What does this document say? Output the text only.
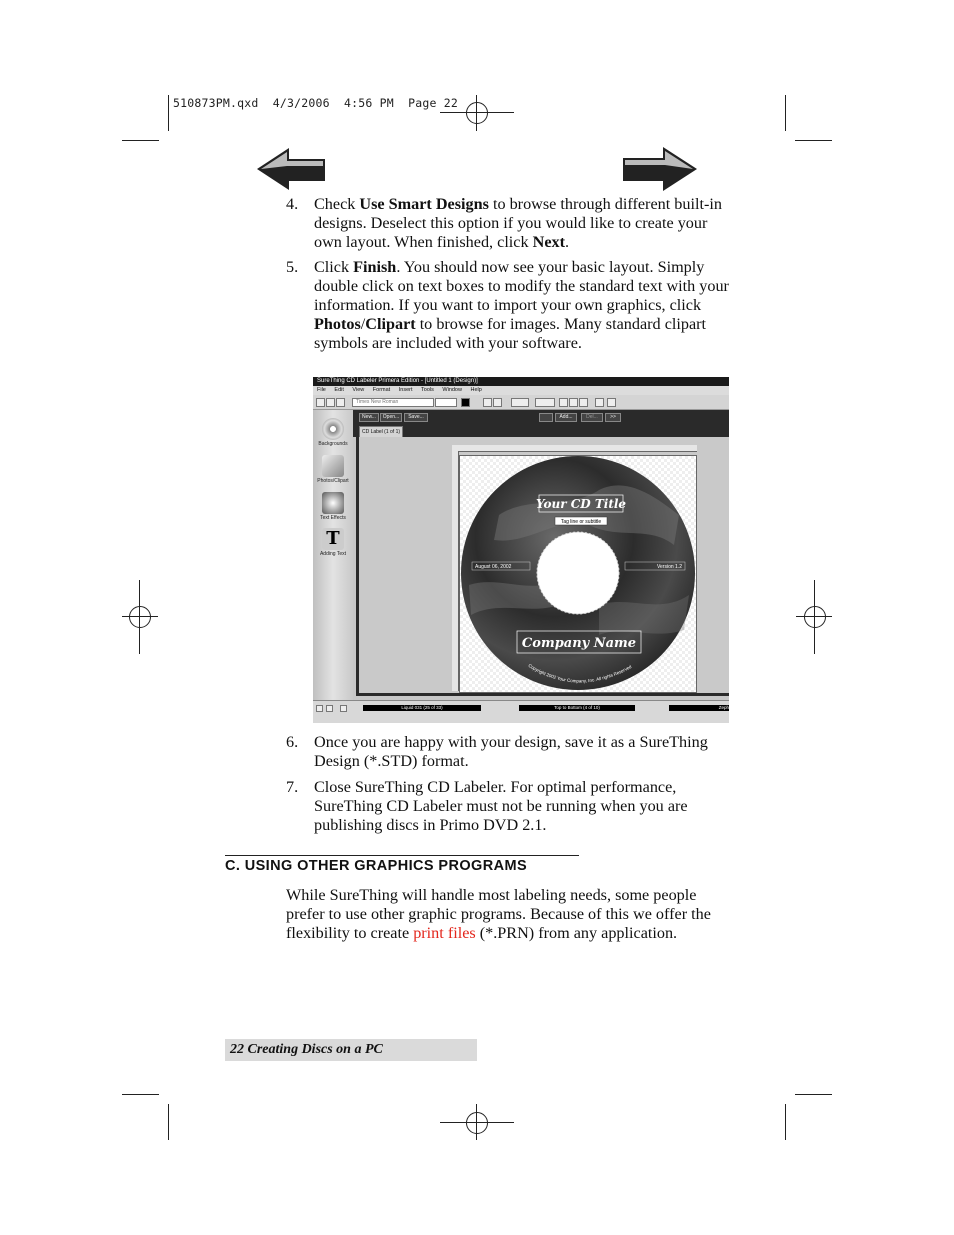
510873PM.qxd  4/3/2006  4:56 PM  Page 22
4. Check Use Smart Designs to browse through different built-in designs. Deselect this option if you would like to create your own layout. When finished, click Next.
5. Click Finish. You should now see your basic layout. Simply double click on text boxes to modify the standard text with your information. If you want to import your own graphics, click Photos/Clipart to browse for images. Many standard clipart symbols are included with your software.
SureThing CD Labeler Primera Edition - [Untitled 1 (Design)]
File Edit View Format Insert Tools Window Help
Times New Roman
Backgrounds
Photos/Clipart
Text Effects
T
Adding Text
New...	Open...	Save...	Add...	Del...	>>
CD Label (1 of 1)
Your CD Title
Tag line or subtitle
August 06, 2002	Version 1.2
Company Name
Copyright 2002 Your Company, Inc. All rights Reserved
Liquid 031 (25 of 33)	Top to Bottom (4 of 10)	Zeph
6. Once you are happy with your design, save it as a SureThing Design (*.STD) format.
7. Close SureThing CD Labeler. For optimal performance, SureThing CD Labeler must not be running when you are publishing discs in Primo DVD 2.1.
C. USING OTHER GRAPHICS PROGRAMS
While SureThing will handle most labeling needs, some people prefer to use other graphic programs. Because of this we offer the flexibility to create print files (*.PRN) from any application.
22 Creating Discs on a PC
